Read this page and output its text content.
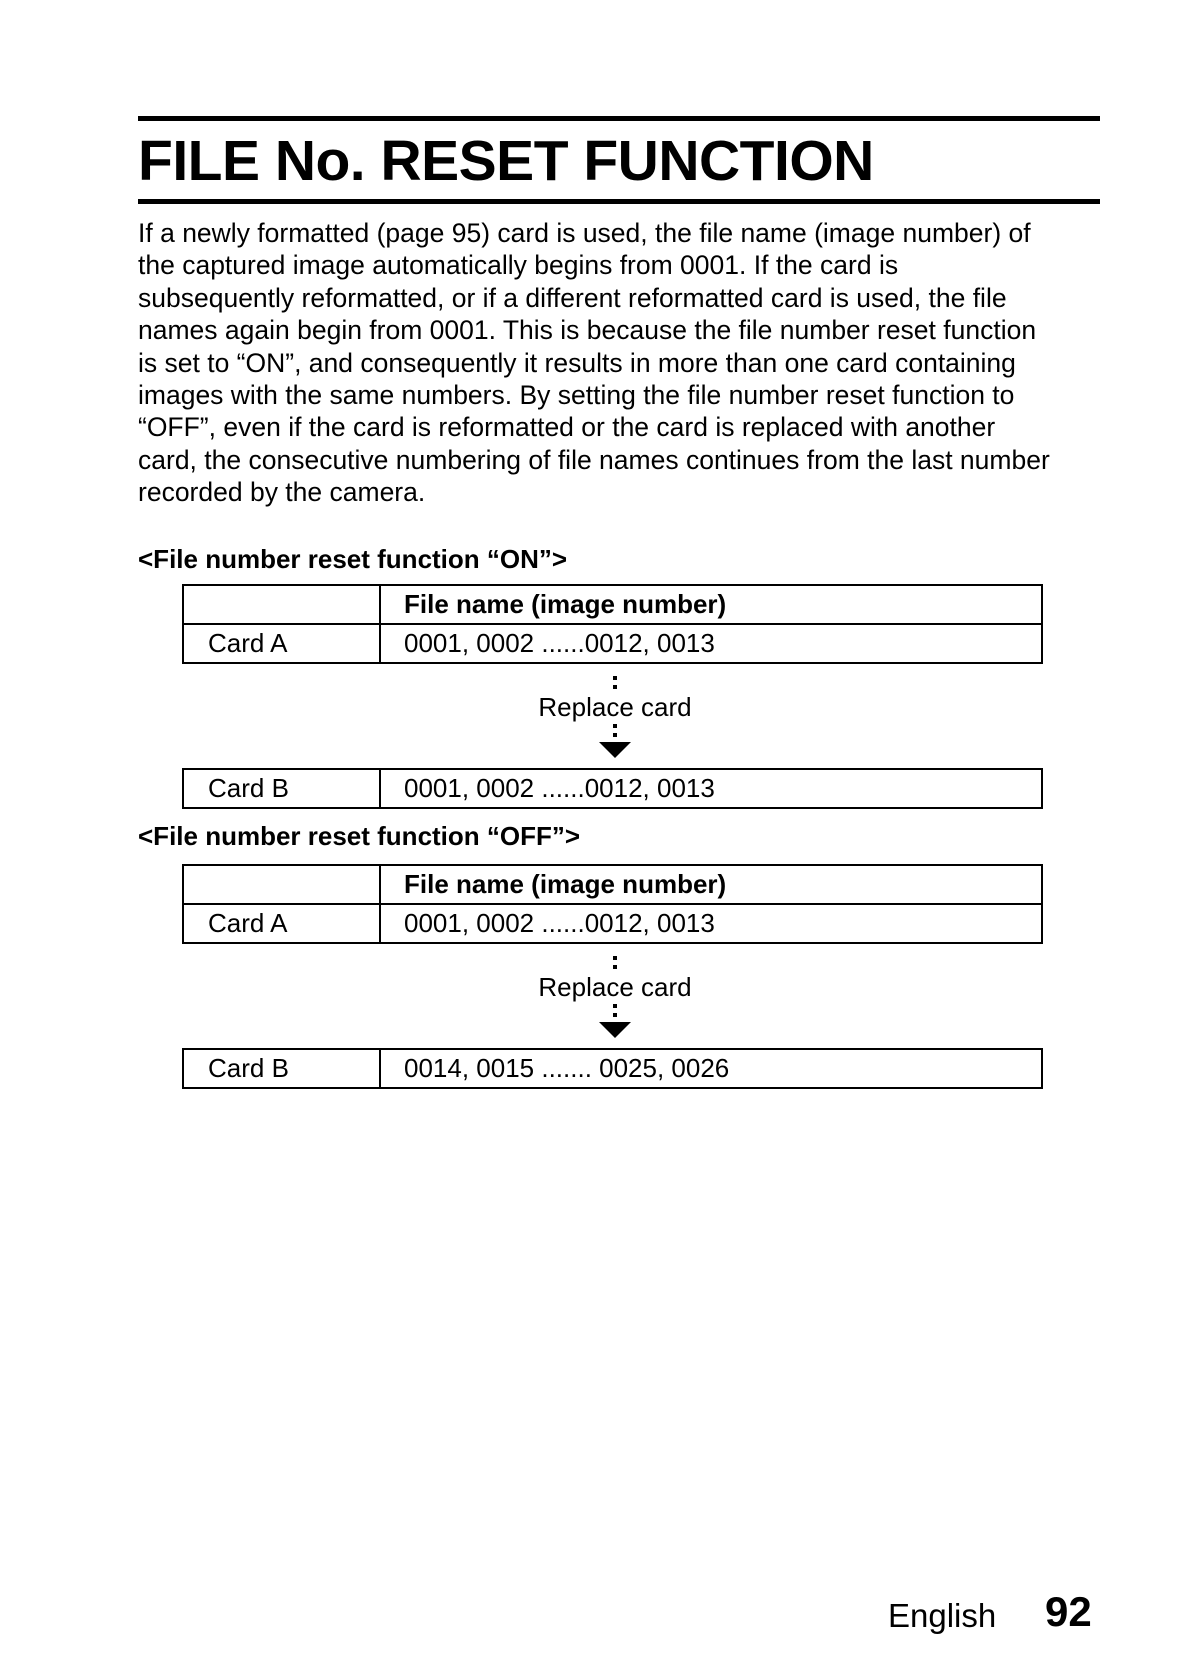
FILE No. RESET FUNCTION
If a newly formatted (page 95) card is used, the file name (image number) of
the captured image automatically begins from 0001. If the card is
subsequently reformatted, or if a different reformatted card is used, the file
names again begin from 0001. This is because the file number reset function
is set to “ON”, and consequently it results in more than one card containing
images with the same numbers. By setting the file number reset function to
“OFF”, even if the card is reformatted or the card is replaced with another
card, the consecutive numbering of file names continues from the last number
recorded by the camera.
<File number reset function “ON”>
	File name (image number)
Card A	0001, 0002 ......0012, 0013
Replace card
Card B	0001, 0002 ......0012, 0013
<File number reset function “OFF”>
	File name (image number)
Card A	0001, 0002 ......0012, 0013
Replace card
Card B	0014, 0015 ....... 0025, 0026
English 92
